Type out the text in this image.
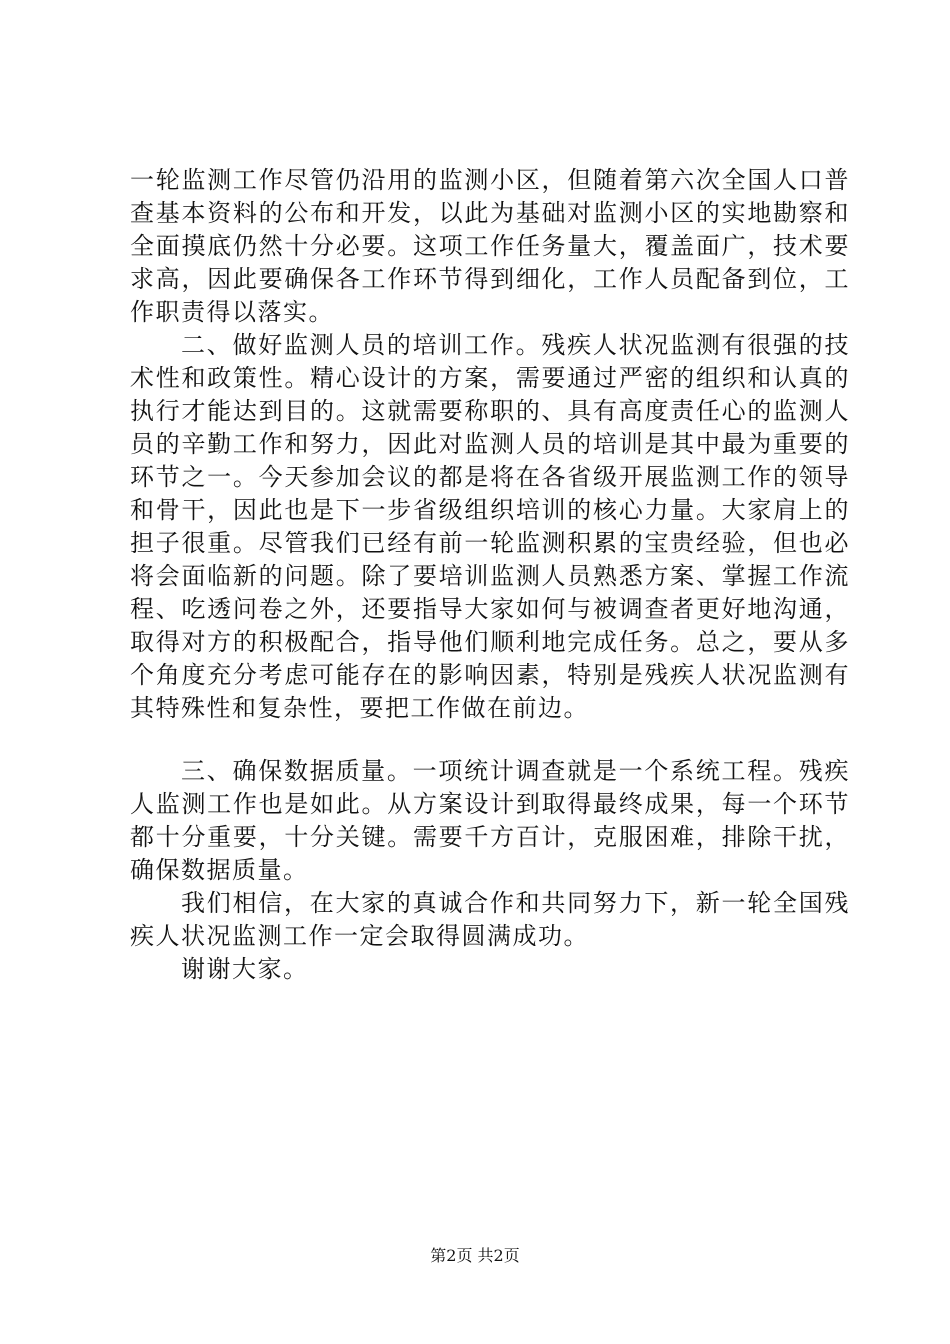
一轮监测工作尽管仍沿用的监测小区，但随着第六次全国人口普查基本资料的公布和开发，以此为基础对监测小区的实地勘察和全面摸底仍然十分必要。这项工作任务量大，覆盖面广，技术要求高，因此要确保各工作环节得到细化，工作人员配备到位，工作职责得以落实。

二、做好监测人员的培训工作。残疾人状况监测有很强的技术性和政策性。精心设计的方案，需要通过严密的组织和认真的执行才能达到目的。这就需要称职的、具有高度责任心的监测人员的辛勤工作和努力，因此对监测人员的培训是其中最为重要的环节之一。今天参加会议的都是将在各省级开展监测工作的领导和骨干，因此也是下一步省级组织培训的核心力量。大家肩上的担子很重。尽管我们已经有前一轮监测积累的宝贵经验，但也必将会面临新的问题。除了要培训监测人员熟悉方案、掌握工作流程、吃透问卷之外，还要指导大家如何与被调查者更好地沟通，取得对方的积极配合，指导他们顺利地完成任务。总之，要从多个角度充分考虑可能存在的影响因素，特别是残疾人状况监测有其特殊性和复杂性，要把工作做在前边。

三、确保数据质量。一项统计调查就是一个系统工程。残疾人监测工作也是如此。从方案设计到取得最终成果，每一个环节都十分重要，十分关键。需要千方百计，克服困难，排除干扰，确保数据质量。

我们相信，在大家的真诚合作和共同努力下，新一轮全国残疾人状况监测工作一定会取得圆满成功。

谢谢大家。

第2页 共2页
